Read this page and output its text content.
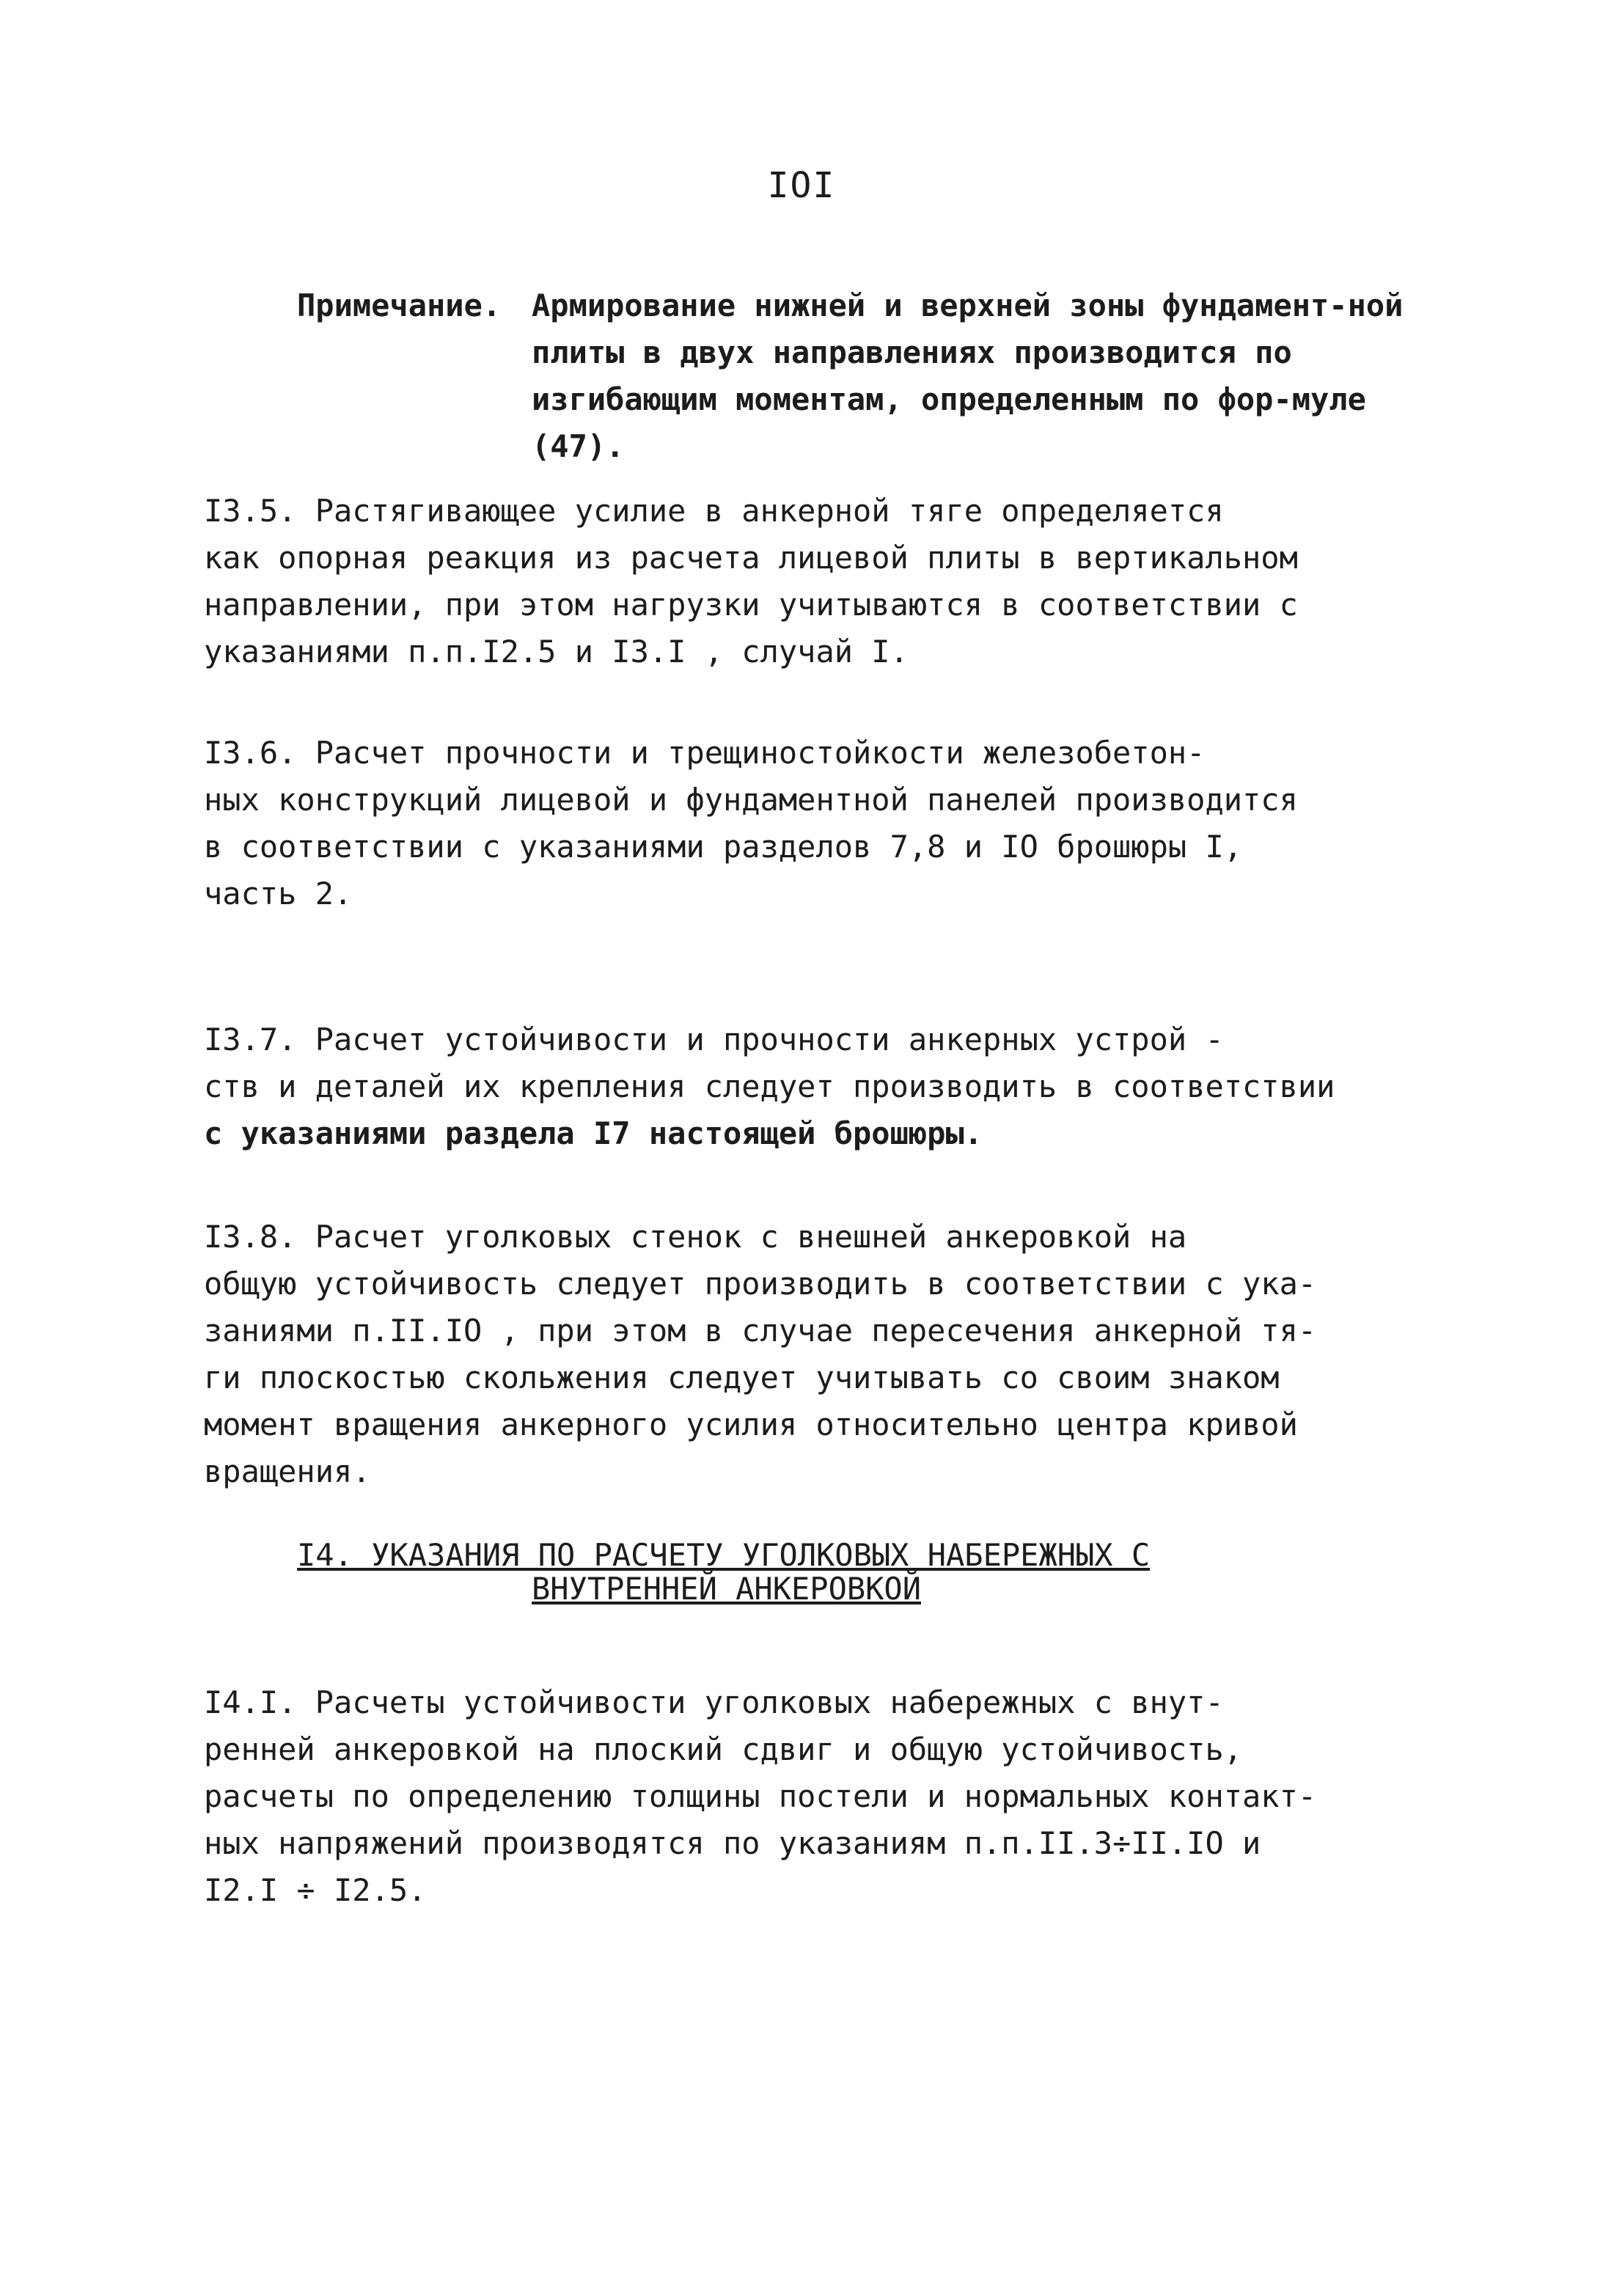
IOI
Примечание. Армирование нижней и верхней зоны фундамент-ной плиты в двух направлениях производится по изгибающим моментам, определенным по фор-муле (47).

I3.5. Растягивающее усилие в анкерной тяге определяется
как опорная реакция из расчета лицевой плиты в вертикальном
направлении, при этом нагрузки учитываются в соответствии с
указаниями п.п.I2.5 и I3.I , случай I.

I3.6. Расчет прочности и трещиностойкости железобетон-
ных конструкций лицевой и фундаментной панелей производится
в соответствии с указаниями разделов 7,8 и IO брошюры I,
часть 2.

I3.7. Расчет устойчивости и прочности анкерных устрой -
ств и деталей их крепления следует производить в соответствии

с указаниями раздела I7 настоящей брошюры.

I3.8. Расчет уголковых стенок с внешней анкеровкой на
общую устойчивость следует производить в соответствии с ука-
заниями п.II.IO , при этом в случае пересечения анкерной тя-
ги плоскостью скольжения следует учитывать со своим знаком
момент вращения анкерного усилия относительно центра кривой
вращения.

I4. УКАЗАНИЯ ПО РАСЧЕТУ УГОЛКОВЫХ НАБЕРЕЖНЫХ С
ВНУТРЕННЕЙ АНКЕРОВКОЙ

I4.I. Расчеты устойчивости уголковых набережных с внут-
ренней анкеровкой на плоский сдвиг и общую устойчивость,
расчеты по определению толщины постели и нормальных контакт-
ных напряжений производятся по указаниям п.п.II.3÷II.IO и
I2.I ÷ I2.5.
